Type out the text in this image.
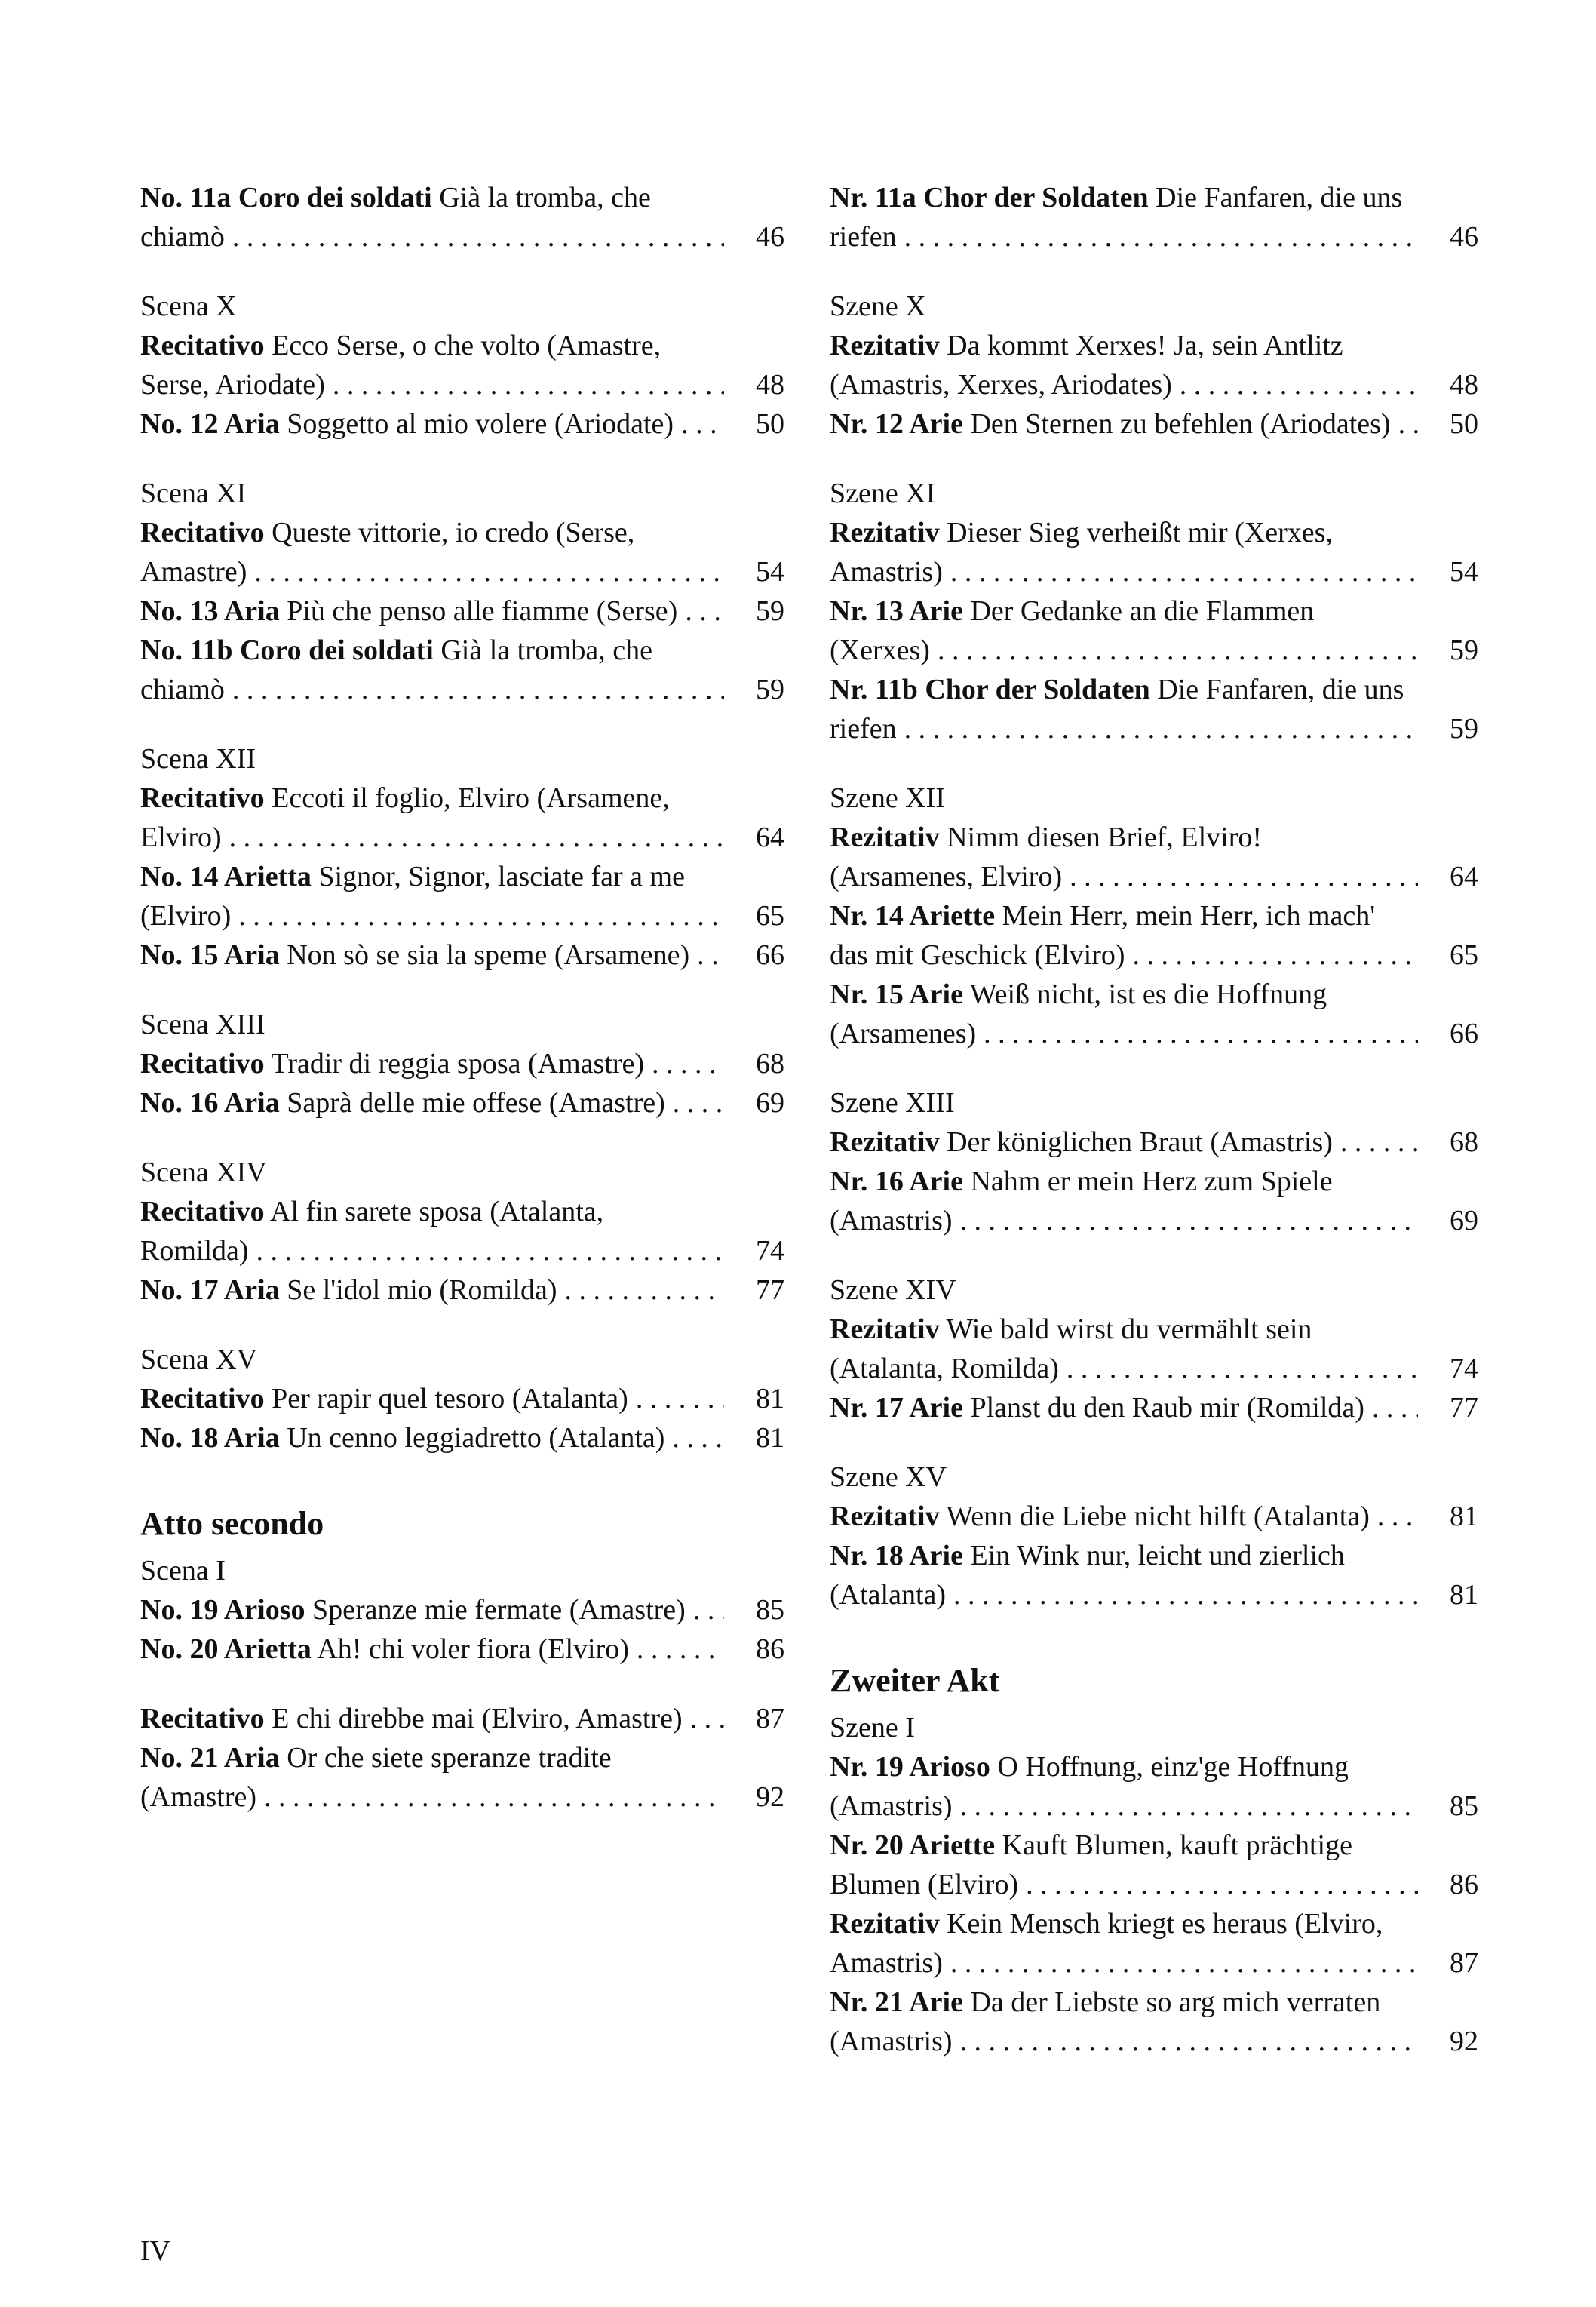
No. 11a Coro dei soldati Già la tromba, che chiamò . . .	46
Scena X
Recitativo Ecco Serse, o che volto (Amastre, Serse, Ariodate) . . .	48
No. 12 Aria Soggetto al mio volere (Ariodate) . . .	50
Scena XI
Recitativo Queste vittorie, io credo (Serse, Amastre) . . .	54
No. 13 Aria Più che penso alle fiamme (Serse) . . .	59
No. 11b Coro dei soldati Già la tromba, che chiamò . . .	59
Scena XII
Recitativo Eccoti il foglio, Elviro (Arsamene, Elviro) . . .	64
No. 14 Arietta Signor, Signor, lasciate far a me (Elviro) . . .	65
No. 15 Aria Non sò se sia la speme (Arsamene) . . .	66
Scena XIII
Recitativo Tradir di reggia sposa (Amastre) . . .	68
No. 16 Aria Saprà delle mie offese (Amastre) . . .	69
Scena XIV
Recitativo Al fin sarete sposa (Atalanta, Romilda) . . .	74
No. 17 Aria Se l'idol mio (Romilda) . . .	77
Scena XV
Recitativo Per rapir quel tesoro (Atalanta) . . .	81
No. 18 Aria Un cenno leggiadretto (Atalanta) . . .	81
Atto secondo
Scena I
No. 19 Arioso Speranze mie fermate (Amastre) . . .	85
No. 20 Arietta Ah! chi voler fiora (Elviro) . . .	86
Recitativo E chi direbbe mai (Elviro, Amastre) . . .	87
No. 21 Aria Or che siete speranze tradite (Amastre) . . .	92
Nr. 11a Chor der Soldaten Die Fanfaren, die uns riefen . . .	46
Szene X
Rezitativ Da kommt Xerxes! Ja, sein Antlitz (Amastris, Xerxes, Ariodates) . . .	48
Nr. 12 Arie Den Sternen zu befehlen (Ariodates) . . .	50
Szene XI
Rezitativ Dieser Sieg verheißt mir (Xerxes, Amastris) . . .	54
Nr. 13 Arie Der Gedanke an die Flammen (Xerxes) . . .	59
Nr. 11b Chor der Soldaten Die Fanfaren, die uns riefen . . .	59
Szene XII
Rezitativ Nimm diesen Brief, Elviro! (Arsamenes, Elviro) . . .	64
Nr. 14 Ariette Mein Herr, mein Herr, ich mach' das mit Geschick (Elviro) . . .	65
Nr. 15 Arie Weiß nicht, ist es die Hoffnung (Arsamenes) . . .	66
Szene XIII
Rezitativ Der königlichen Braut (Amastris) . . .	68
Nr. 16 Arie Nahm er mein Herz zum Spiele (Amastris) . . .	69
Szene XIV
Rezitativ Wie bald wirst du vermählt sein (Atalanta, Romilda) . . .	74
Nr. 17 Arie Planst du den Raub mir (Romilda) . . .	77
Szene XV
Rezitativ Wenn die Liebe nicht hilft (Atalanta) . . .	81
Nr. 18 Arie Ein Wink nur, leicht und zierlich (Atalanta) . . .	81
Zweiter Akt
Szene I
Nr. 19 Arioso O Hoffnung, einz'ge Hoffnung (Amastris) . . .	85
Nr. 20 Ariette Kauft Blumen, kauft prächtige Blumen (Elviro) . . .	86
Rezitativ Kein Mensch kriegt es heraus (Elviro, Amastris) . . .	87
Nr. 21 Arie Da der Liebste so arg mich verraten (Amastris) . . .	92
IV
